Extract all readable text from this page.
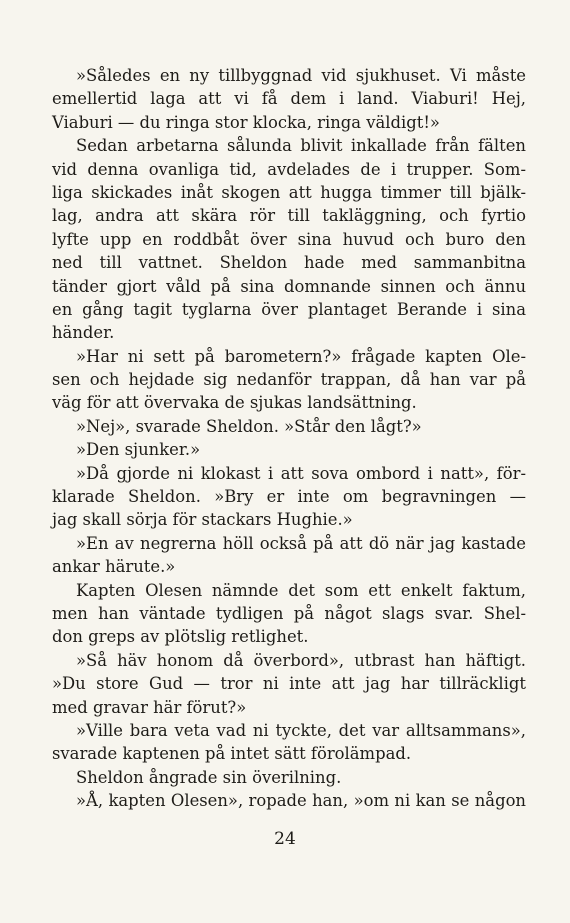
»Således en ny tillbyggnad vid sjukhuset. Vi måste
emellertid laga att vi få dem i land. Viaburi! Hej,
Viaburi — du ringa stor klocka, ringa väldigt!»
Sedan arbetarna sålunda blivit inkallade från fälten
vid denna ovanliga tid, avdelades de i trupper. Som-
liga skickades inåt skogen att hugga timmer till bjälk-
lag, andra att skära rör till takläggning, och fyrtio
lyfte upp en roddbåt över sina huvud och buro den
ned till vattnet. Sheldon hade med sammanbitna
tänder gjort våld på sina domnande sinnen och ännu
en gång tagit tyglarna över plantaget Berande i sina
händer.
»Har ni sett på barometern?» frågade kapten Ole-
sen och hejdade sig nedanför trappan, då han var på
väg för att övervaka de sjukas landsättning.
»Nej», svarade Sheldon. »Står den lågt?»
»Den sjunker.»
»Då gjorde ni klokast i att sova ombord i natt», för-
klarade Sheldon. »Bry er inte om begravningen —
jag skall sörja för stackars Hughie.»
»En av negrerna höll också på att dö när jag kastade
ankar härute.»
Kapten Olesen nämnde det som ett enkelt faktum,
men han väntade tydligen på något slags svar. Shel-
don greps av plötslig retlighet.
»Så häv honom då överbord», utbrast han häftigt.
»Du store Gud — tror ni inte att jag har tillräckligt
med gravar här förut?»
»Ville bara veta vad ni tyckte, det var alltsammans»,
svarade kaptenen på intet sätt förolämpad.
Sheldon ångrade sin överilning.
»Å, kapten Olesen», ropade han, »om ni kan se någon
24
